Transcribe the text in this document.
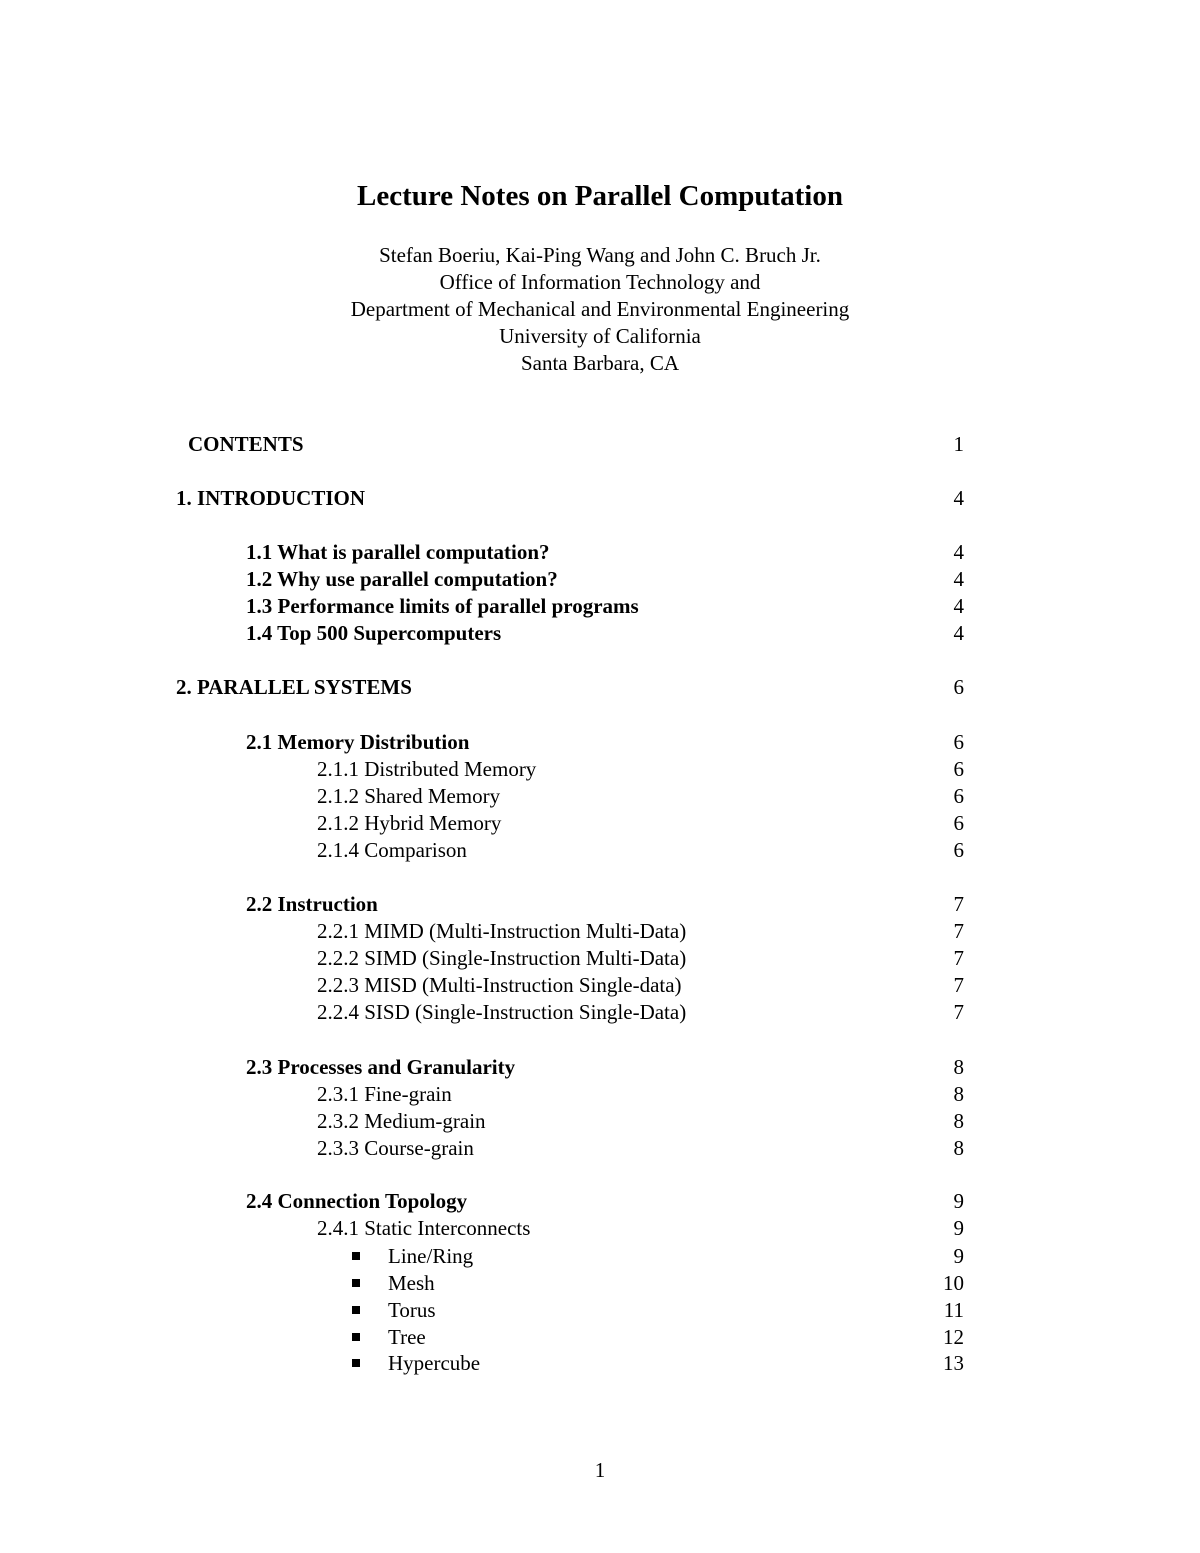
Lecture Notes on Parallel Computation
Stefan Boeriu, Kai-Ping Wang and John C. Bruch Jr.
Office of Information Technology and
Department of Mechanical and Environmental Engineering
University of California
Santa Barbara, CA
CONTENTS	1
1. INTRODUCTION	4
1.1 What is parallel computation?	4
1.2 Why use parallel computation?	4
1.3 Performance limits of parallel programs	4
1.4 Top 500 Supercomputers	4
2. PARALLEL SYSTEMS	6
2.1 Memory Distribution	6
2.1.1 Distributed Memory	6
2.1.2 Shared Memory	6
2.1.2 Hybrid Memory	6
2.1.4 Comparison	6
2.2 Instruction	7
2.2.1 MIMD (Multi-Instruction Multi-Data)	7
2.2.2 SIMD (Single-Instruction Multi-Data)	7
2.2.3 MISD (Multi-Instruction Single-data)	7
2.2.4 SISD (Single-Instruction Single-Data)	7
2.3 Processes and Granularity	8
2.3.1 Fine-grain	8
2.3.2 Medium-grain	8
2.3.3 Course-grain	8
2.4 Connection Topology	9
2.4.1 Static Interconnects	9
Line/Ring	9
Mesh	10
Torus	11
Tree	12
Hypercube	13
1
